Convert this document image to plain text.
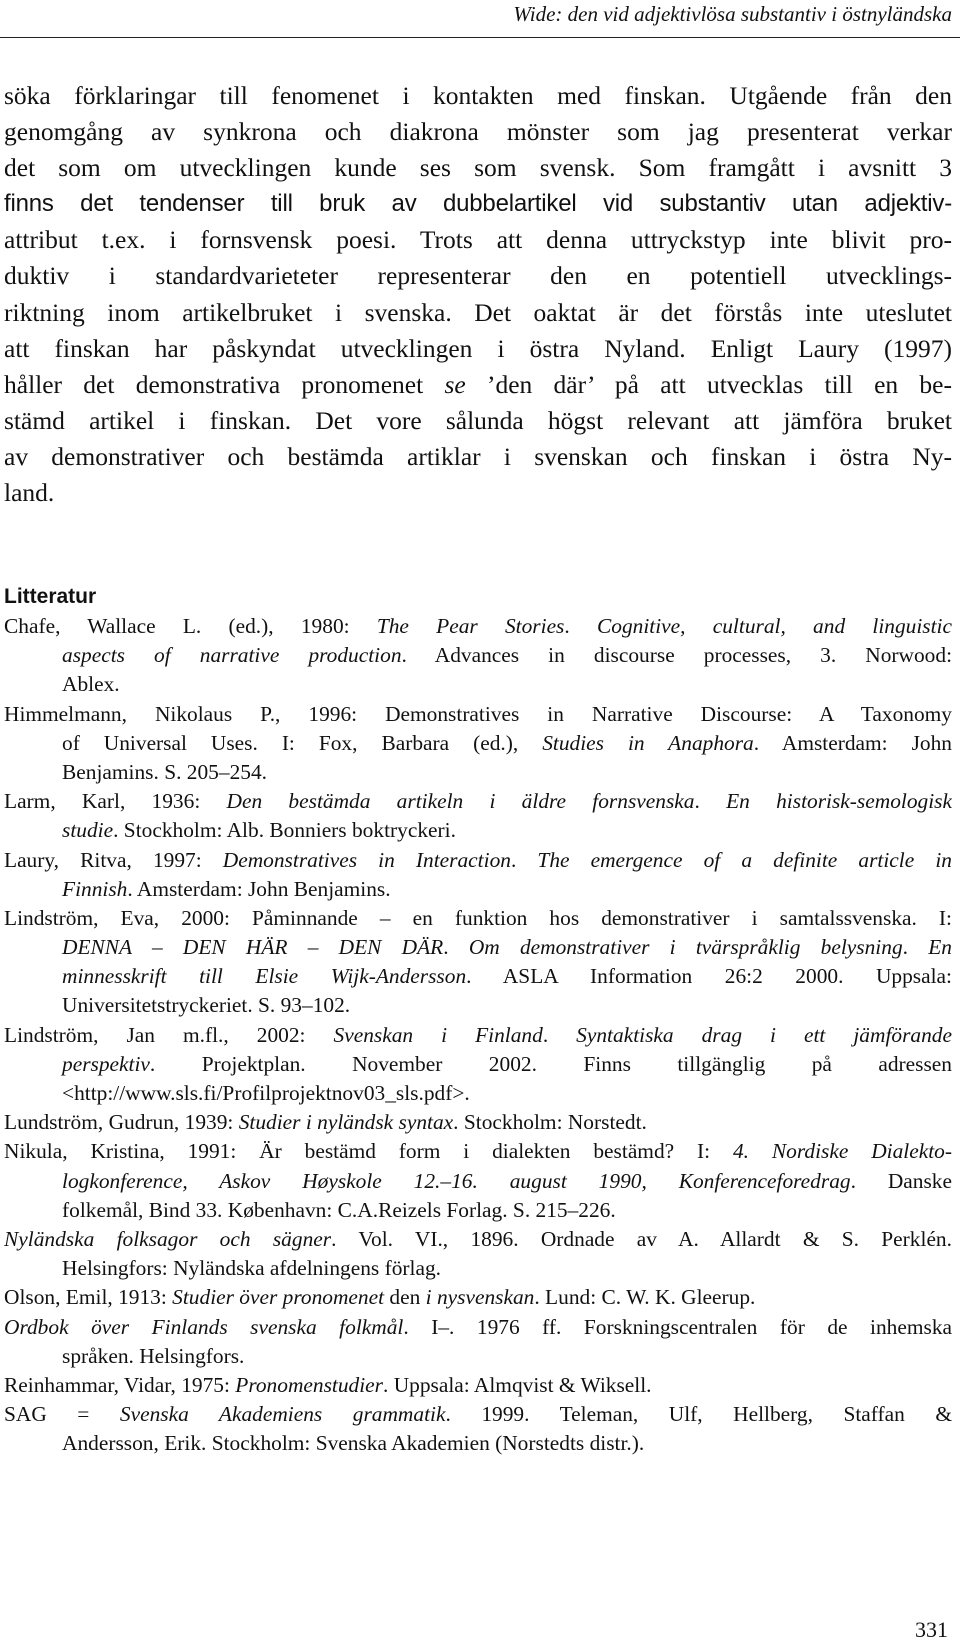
Wide: den vid adjektivlösa substantiv i östnyländska
söka förklaringar till fenomenet i kontakten med finskan. Utgående från den
genomgång av synkrona och diakrona mönster som jag presenterat verkar
det som om utvecklingen kunde ses som svensk. Som framgått i avsnitt 3
finns det tendenser till bruk av dubbelartikel vid substantiv utan adjektiv-
attribut t.ex. i fornsvensk poesi. Trots att denna uttryckstyp inte blivit pro-
duktiv i standardvarieteter representerar den en potentiell utvecklings-
riktning inom artikelbruket i svenska. Det oaktat är det förstås inte uteslutet
att finskan har påskyndat utvecklingen i östra Nyland. Enligt Laury (1997)
håller det demonstrativa pronomenet se ’den där’ på att utvecklas till en be-
stämd artikel i finskan. Det vore sålunda högst relevant att jämföra bruket
av demonstrativer och bestämda artiklar i svenskan och finskan i östra Ny-
land.
Litteratur
Chafe, Wallace L. (ed.), 1980: The Pear Stories. Cognitive, cultural, and linguistic
aspects of narrative production. Advances in discourse processes, 3. Norwood:
Ablex.
Himmelmann, Nikolaus P., 1996: Demonstratives in Narrative Discourse: A Taxonomy
of Universal Uses. I: Fox, Barbara (ed.), Studies in Anaphora. Amsterdam: John
Benjamins. S. 205–254.
Larm, Karl, 1936: Den bestämda artikeln i äldre fornsvenska. En historisk-semologisk
studie. Stockholm: Alb. Bonniers boktryckeri.
Laury, Ritva, 1997: Demonstratives in Interaction. The emergence of a definite article in
Finnish. Amsterdam: John Benjamins.
Lindström, Eva, 2000: Påminnande – en funktion hos demonstrativer i samtalssvenska. I:
DENNA – DEN HÄR – DEN DÄR. Om demonstrativer i tvärspråklig belysning. En
minnesskrift till Elsie Wijk-Andersson. ASLA Information 26:2 2000. Uppsala:
Universitetstryckeriet. S. 93–102.
Lindström, Jan m.fl., 2002: Svenskan i Finland. Syntaktiska drag i ett jämförande
perspektiv. Projektplan. November 2002. Finns tillgänglig på adressen
<http://www.sls.fi/Profilprojektnov03_sls.pdf>.
Lundström, Gudrun, 1939: Studier i nyländsk syntax. Stockholm: Norstedt.
Nikula, Kristina, 1991: Är bestämd form i dialekten bestämd? I: 4. Nordiske Dialekto-
logkonference, Askov Høyskole 12.–16. august 1990, Konferenceforedrag. Danske
folkemål, Bind 33. København: C.A.Reizels Forlag. S. 215–226.
Nyländska folksagor och sägner. Vol. VI., 1896. Ordnade av A. Allardt & S. Perklén.
Helsingfors: Nyländska afdelningens förlag.
Olson, Emil, 1913: Studier över pronomenet den i nysvenskan. Lund: C. W. K. Gleerup.
Ordbok över Finlands svenska folkmål. I–. 1976 ff. Forskningscentralen för de inhemska
språken. Helsingfors.
Reinhammar, Vidar, 1975: Pronomenstudier. Uppsala: Almqvist & Wiksell.
SAG = Svenska Akademiens grammatik. 1999. Teleman, Ulf, Hellberg, Staffan &
Andersson, Erik. Stockholm: Svenska Akademien (Norstedts distr.).
331
